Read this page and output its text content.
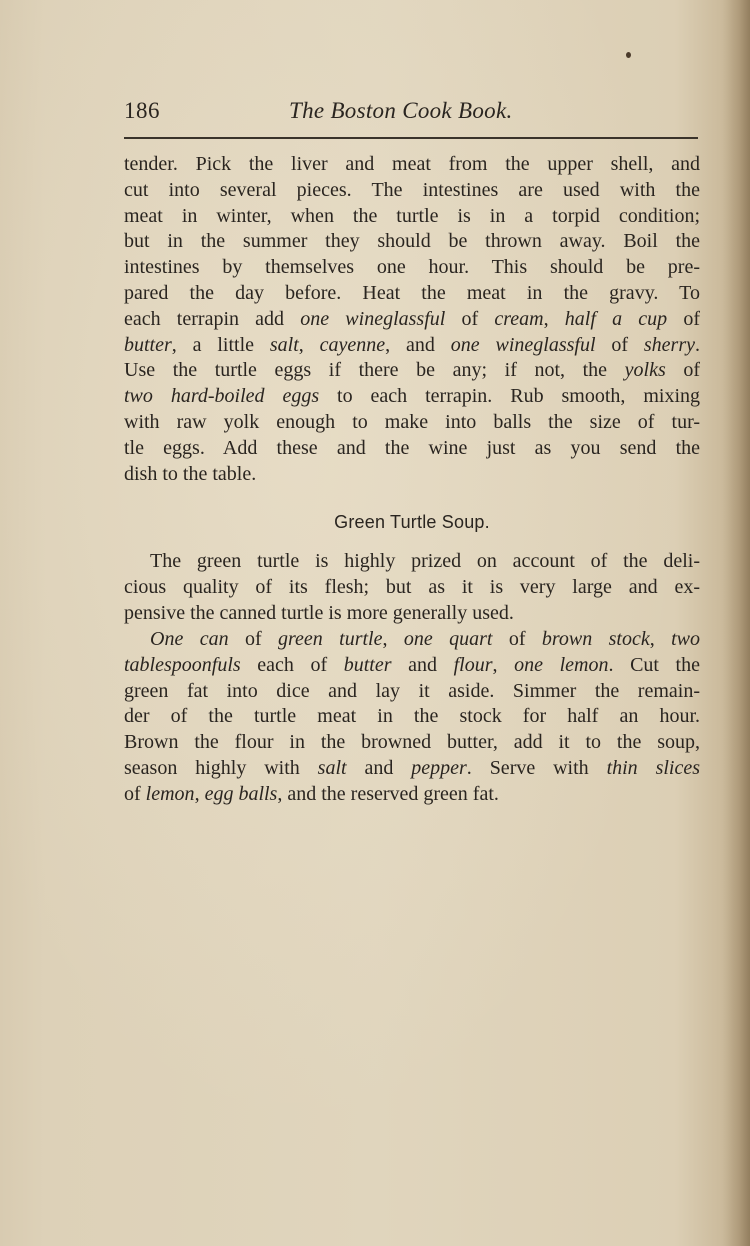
186	The Boston Cook Book.
tender. Pick the liver and meat from the upper shell, and
cut into several pieces. The intestines are used with the
meat in winter, when the turtle is in a torpid condition;
but in the summer they should be thrown away. Boil the
intestines by themselves one hour. This should be pre-
pared the day before. Heat the meat in the gravy. To
each terrapin add one wineglassful of cream, half a cup of
butter, a little salt, cayenne, and one wineglassful of sherry.
Use the turtle eggs if there be any; if not, the yolks of
two hard-boiled eggs to each terrapin. Rub smooth, mixing
with raw yolk enough to make into balls the size of tur-
tle eggs. Add these and the wine just as you send the
dish to the table.
Green Turtle Soup.
The green turtle is highly prized on account of the deli-
cious quality of its flesh; but as it is very large and ex-
pensive the canned turtle is more generally used.
One can of green turtle, one quart of brown stock, two
tablespoonfuls each of butter and flour, one lemon. Cut the
green fat into dice and lay it aside. Simmer the remain-
der of the turtle meat in the stock for half an hour.
Brown the flour in the browned butter, add it to the soup,
season highly with salt and pepper. Serve with thin slices
of lemon, egg balls, and the reserved green fat.
